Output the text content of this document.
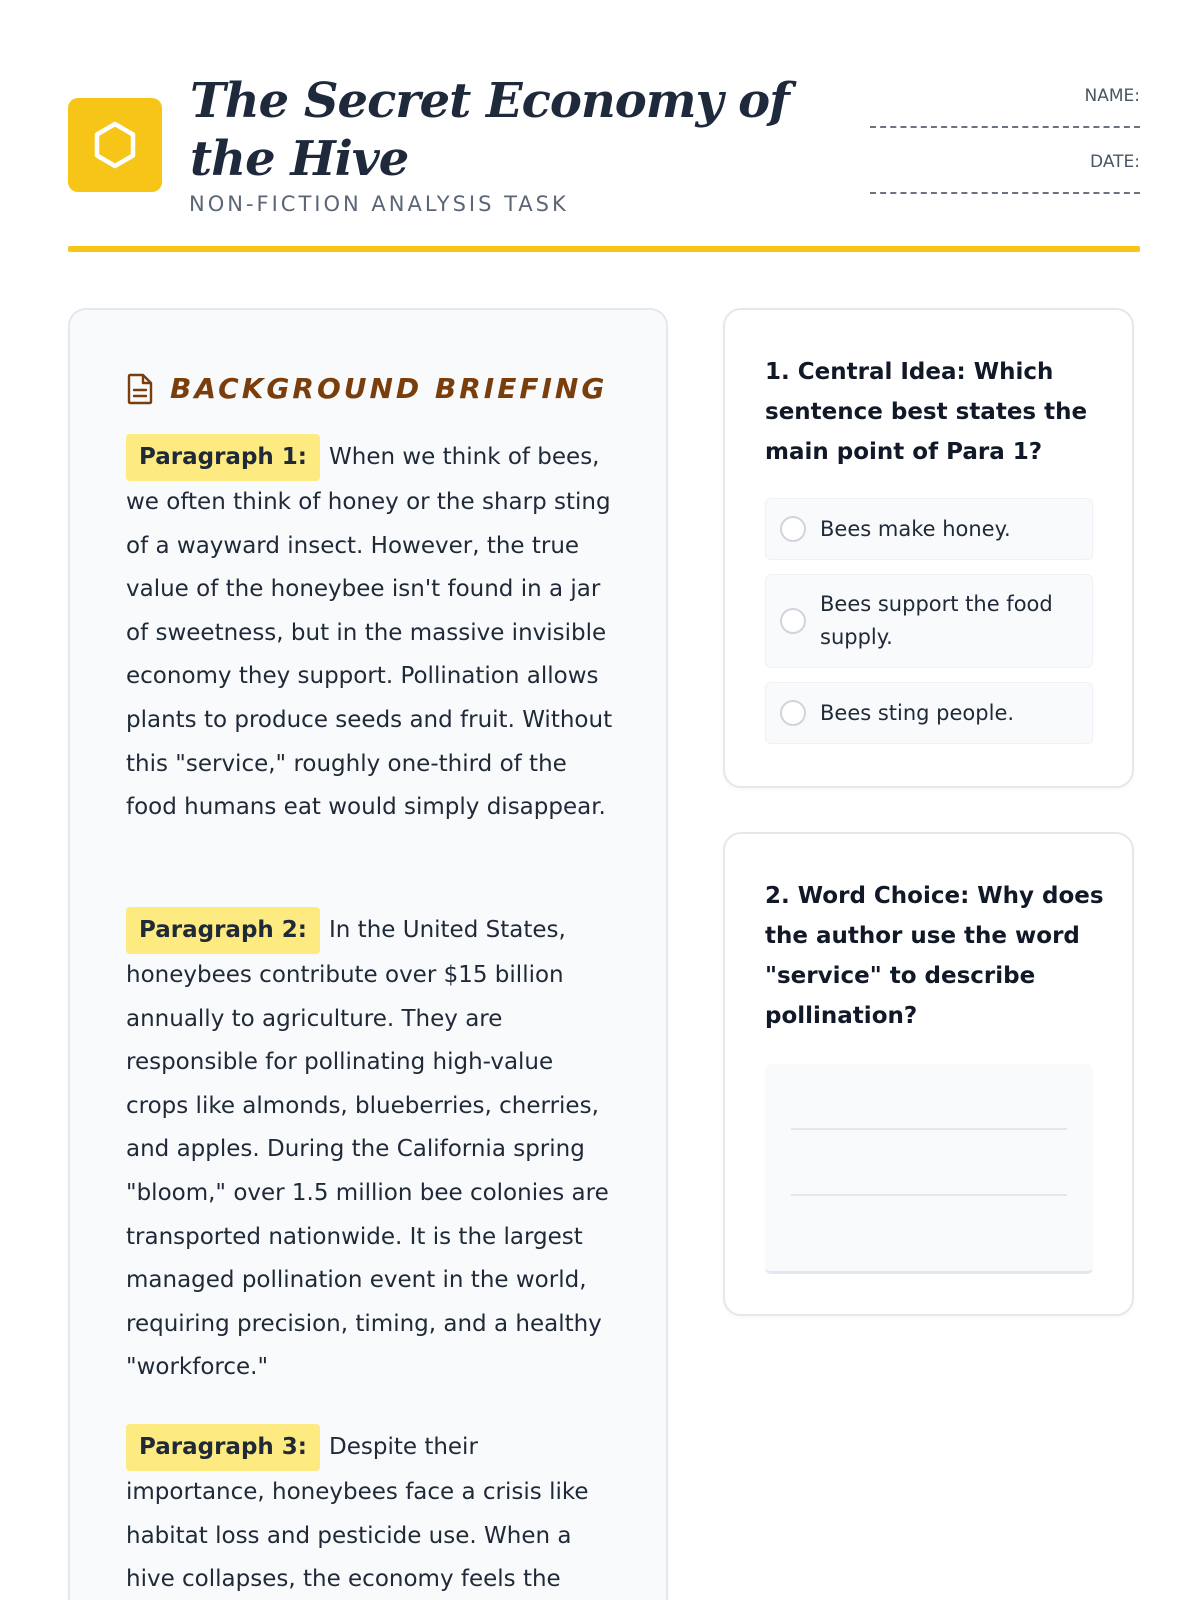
The Secret Economy of the Hive
NON-FICTION ANALYSIS TASK
NAME:
DATE:
BACKGROUND BRIEFING

Paragraph 1: When we think of bees, we often think of honey or the sharp sting of a wayward insect. However, the true value of the honeybee isn't found in a jar of sweetness, but in the massive invisible economy they support. Pollination allows plants to produce seeds and fruit. Without this "service," roughly one-third of the food humans eat would simply disappear.

Paragraph 2: In the United States, honeybees contribute over $15 billion annually to agriculture. They are responsible for pollinating high-value crops like almonds, blueberries, cherries, and apples. During the California spring "bloom," over 1.5 million bee colonies are transported nationwide. It is the largest managed pollination event in the world, requiring precision, timing, and a healthy "workforce."

Paragraph 3: Despite their importance, honeybees face a crisis like habitat loss and pesticide use. When a hive collapses, the economy feels the

1. Central Idea: Which sentence best states the main point of Para 1?
Bees make honey.
Bees support the food supply.
Bees sting people.
2. Word Choice: Why does the author use the word "service" to describe pollination?
